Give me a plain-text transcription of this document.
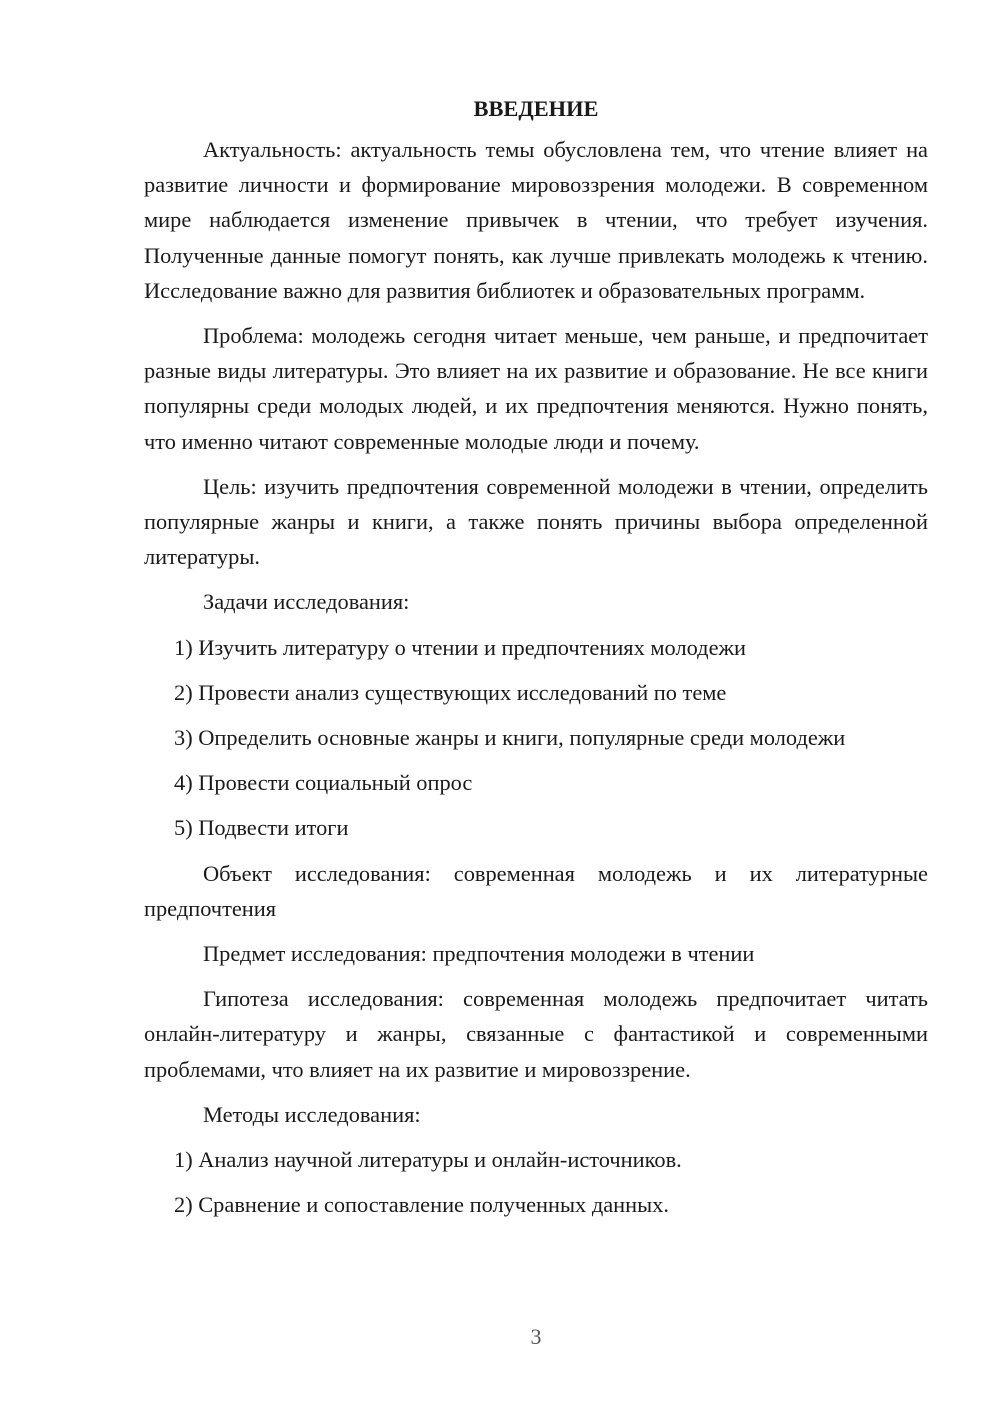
ВВЕДЕНИЕ

Актуальность: актуальность темы обусловлена тем, что чтение влияет на развитие личности и формирование мировоззрения молодежи. В современном мире наблюдается изменение привычек в чтении, что требует изучения. Полученные данные помогут понять, как лучше привлекать молодежь к чтению. Исследование важно для развития библиотек и образовательных программ.

Проблема: молодежь сегодня читает меньше, чем раньше, и предпочитает разные виды литературы. Это влияет на их развитие и образование. Не все книги популярны среди молодых людей, и их предпочтения меняются. Нужно понять, что именно читают современные молодые люди и почему.

Цель: изучить предпочтения современной молодежи в чтении, определить популярные жанры и книги, а также понять причины выбора определенной литературы.

Задачи исследования:

1) Изучить литературу о чтении и предпочтениях молодежи
2) Провести анализ существующих исследований по теме
3) Определить основные жанры и книги, популярные среди молодежи
4) Провести социальный опрос
5) Подвести итоги

Объект исследования: современная молодежь и их литературные предпочтения

Предмет исследования: предпочтения молодежи в чтении

Гипотеза исследования: современная молодежь предпочитает читать онлайн-литературу и жанры, связанные с фантастикой и современными проблемами, что влияет на их развитие и мировоззрение.

Методы исследования:

1) Анализ научной литературы и онлайн-источников.
2) Сравнение и сопоставление полученных данных.
3
